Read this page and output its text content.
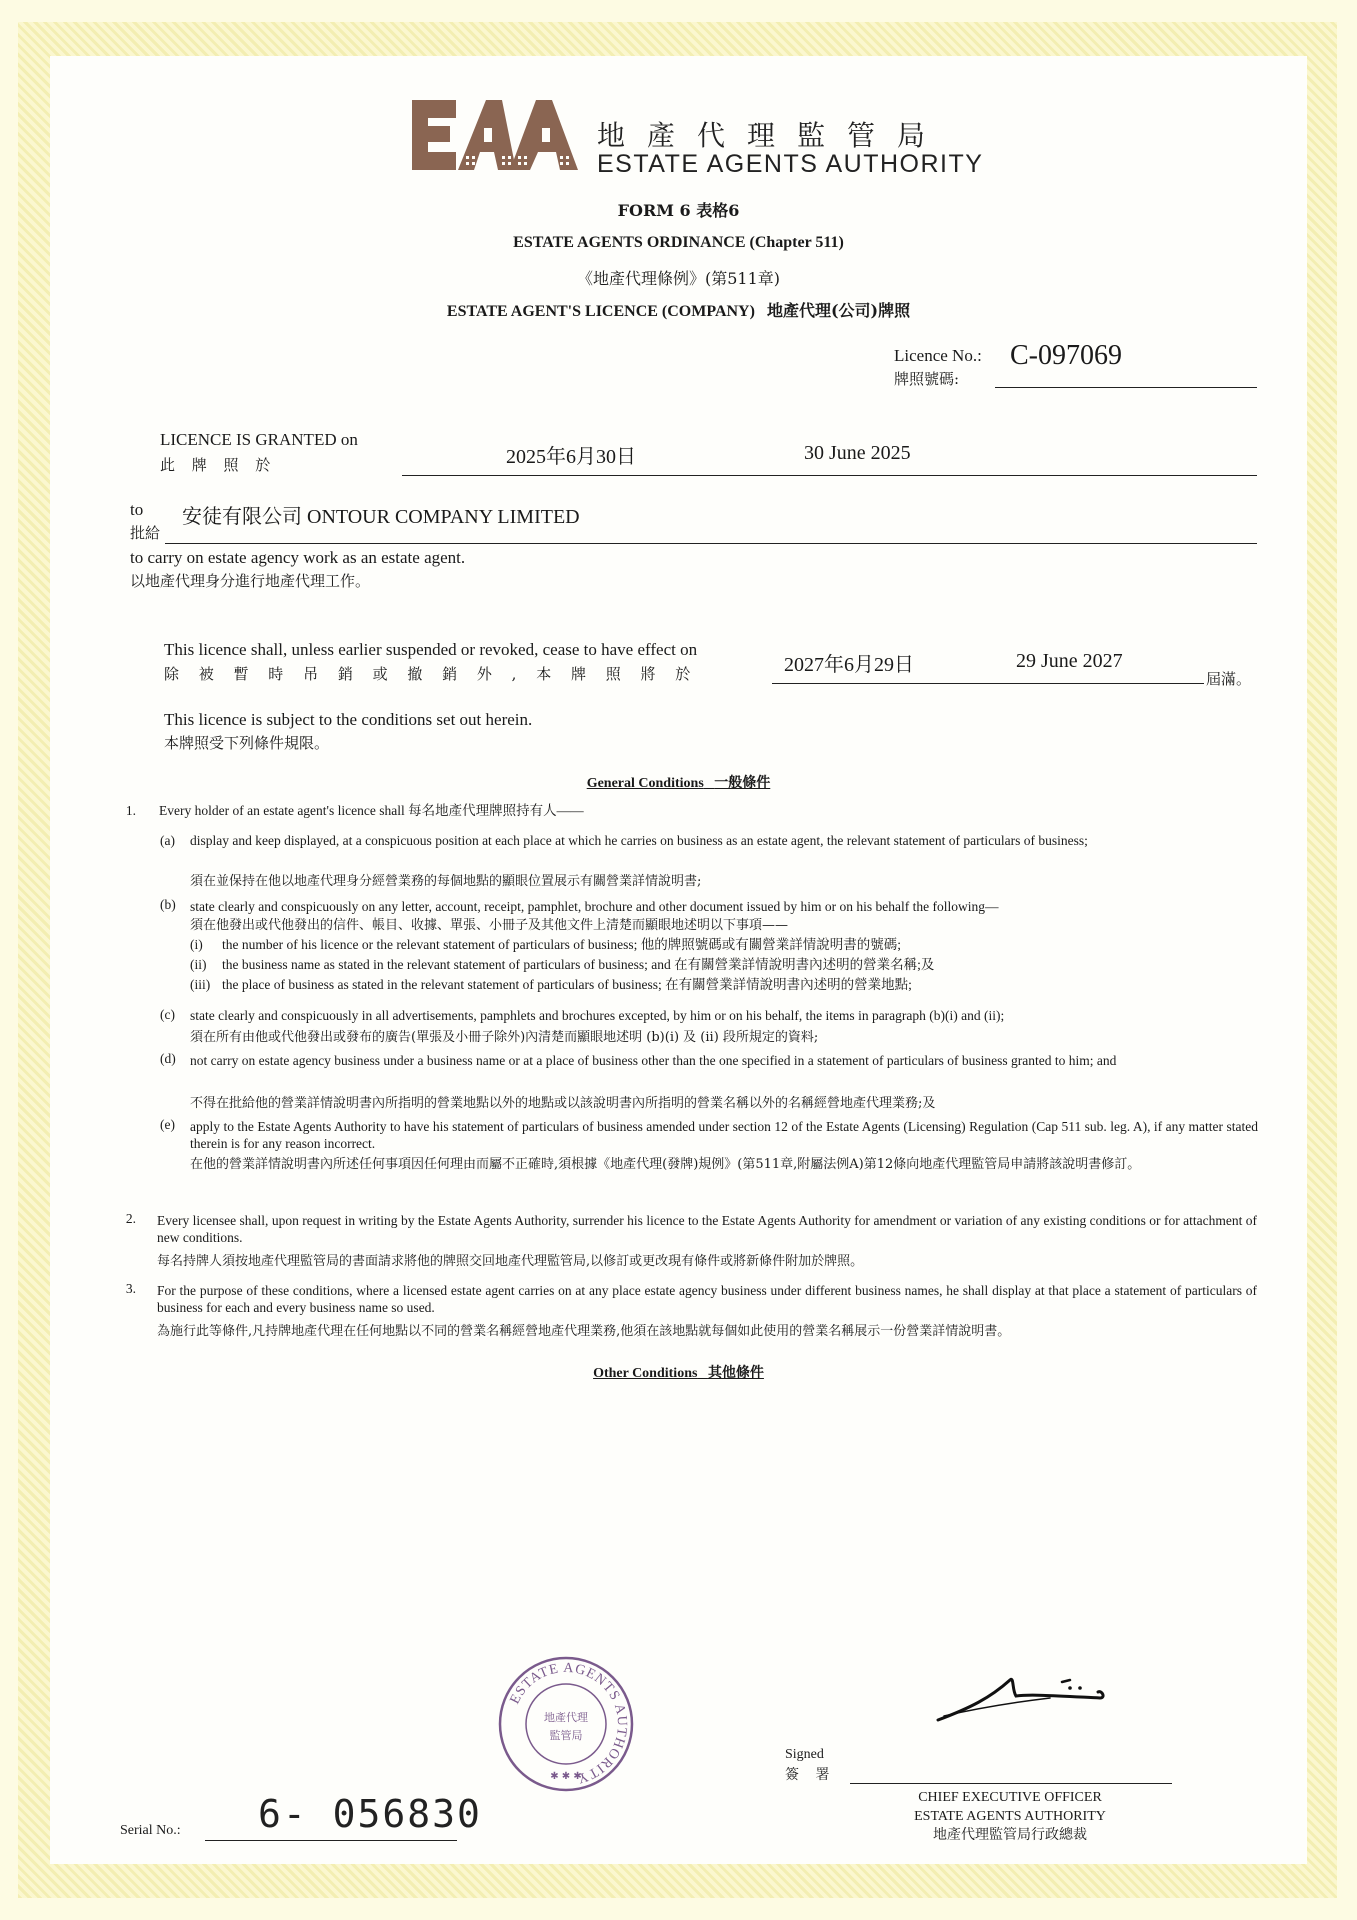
地產代理監管局
ESTATE AGENTS AUTHORITY
FORM 6 表格6
ESTATE AGENTS ORDINANCE (Chapter 511)
《地產代理條例》(第511章)
ESTATE AGENT'S LICENCE (COMPANY) 地產代理(公司)牌照
Licence No.:
牌照號碼:
C-097069
LICENCE IS GRANTED on
此 牌 照 於	2025年6月30日	30 June 2025
to
批給
安徒有限公司 ONTOUR COMPANY LIMITED
to carry on estate agency work as an estate agent.
以地產代理身分進行地產代理工作。
This licence shall, unless earlier suspended or revoked, cease to have effect on
除 被 暫 時 吊 銷 或 撤 銷 外 , 本 牌 照 將 於	2027年6月29日	29 June 2027
屆滿。
This licence is subject to the conditions set out herein.
本牌照受下列條件規限。
General Conditions 一般條件
1. Every holder of an estate agent's licence shall 每名地產代理牌照持有人——
(a) display and keep displayed, at a conspicuous position at each place at which he carries on business as an estate agent, the relevant statement of particulars of business;
須在並保持在他以地產代理身分經營業務的每個地點的顯眼位置展示有關營業詳情說明書;
(b) state clearly and conspicuously on any letter, account, receipt, pamphlet, brochure and other document issued by him or on his behalf the following—
須在他發出或代他發出的信件、帳目、收據、單張、小冊子及其他文件上清楚而顯眼地述明以下事項——
(i) the number of his licence or the relevant statement of particulars of business; 他的牌照號碼或有關營業詳情說明書的號碼;
(ii) the business name as stated in the relevant statement of particulars of business; and 在有關營業詳情說明書內述明的營業名稱;及
(iii) the place of business as stated in the relevant statement of particulars of business; 在有關營業詳情說明書內述明的營業地點;
(c) state clearly and conspicuously in all advertisements, pamphlets and brochures excepted, by him or on his behalf, the items in paragraph (b)(i) and (ii);
須在所有由他或代他發出或發布的廣告(單張及小冊子除外)內清楚而顯眼地述明 (b)(i) 及 (ii) 段所規定的資料;
(d) not carry on estate agency business under a business name or at a place of business other than the one specified in a statement of particulars of business granted to him; and
不得在批給他的營業詳情說明書內所指明的營業地點以外的地點或以該說明書內所指明的營業名稱以外的名稱經營地產代理業務;及
(e) apply to the Estate Agents Authority to have his statement of particulars of business amended under section 12 of the Estate Agents (Licensing) Regulation (Cap 511 sub. leg. A), if any matter stated therein is for any reason incorrect.
在他的營業詳情說明書內所述任何事項因任何理由而屬不正確時,須根據《地產代理(發牌)規例》(第511章,附屬法例A)第12條向地產代理監管局申請將該說明書修訂。
2. Every licensee shall, upon request in writing by the Estate Agents Authority, surrender his licence to the Estate Agents Authority for amendment or variation of any existing conditions or for attachment of new conditions.
每名持牌人須按地產代理監管局的書面請求將他的牌照交回地產代理監管局,以修訂或更改現有條件或將新條件附加於牌照。
3. For the purpose of these conditions, where a licensed estate agent carries on at any place estate agency business under different business names, he shall display at that place a statement of particulars of business for each and every business name so used.
為施行此等條件,凡持牌地產代理在任何地點以不同的營業名稱經營地產代理業務,他須在該地點就每個如此使用的營業名稱展示一份營業詳情說明書。
Other Conditions 其他條件
ESTATE AGENTS AUTHORITY
地產代理
監管局
✱ ✱ ✱
Signed
簽 署
CHIEF EXECUTIVE OFFICER
ESTATE AGENTS AUTHORITY
地產代理監管局行政總裁
Serial No.: 6- 056830
